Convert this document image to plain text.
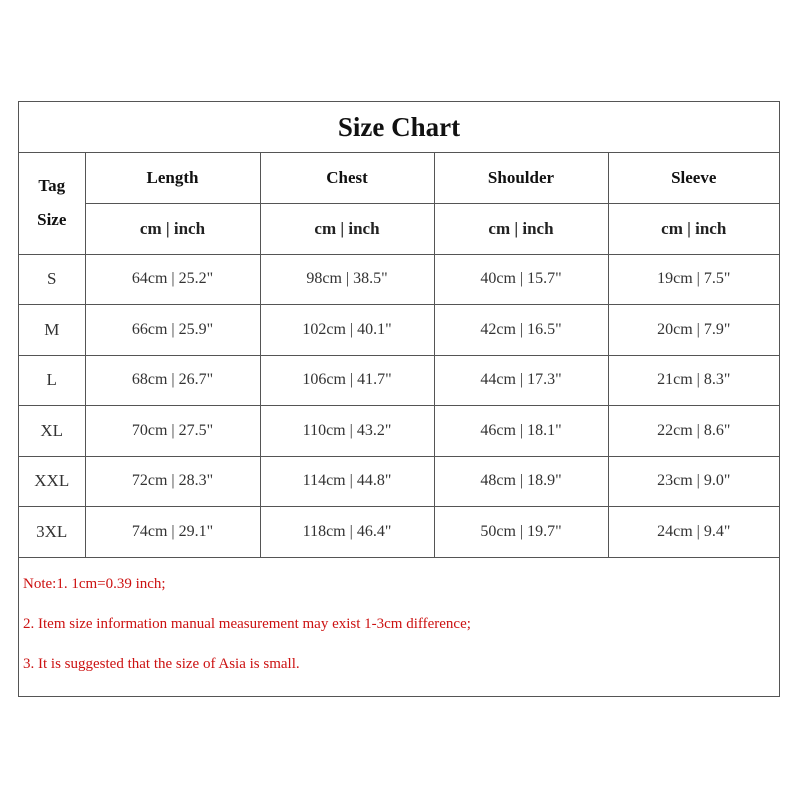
Size Chart
Tag
Size	Length	Chest	Shoulder	Sleeve
	cm | inch	cm | inch	cm | inch	cm | inch
S	64cm | 25.2"	98cm | 38.5"	40cm | 15.7"	19cm | 7.5"
M	66cm | 25.9"	102cm | 40.1"	42cm | 16.5"	20cm | 7.9"
L	68cm | 26.7"	106cm | 41.7"	44cm | 17.3"	21cm | 8.3"
XL	70cm | 27.5"	110cm | 43.2"	46cm | 18.1"	22cm | 8.6"
XXL	72cm | 28.3"	114cm | 44.8"	48cm | 18.9"	23cm | 9.0"
3XL	74cm | 29.1"	118cm | 46.4"	50cm | 19.7"	24cm | 9.4"
Note:1. 1cm=0.39 inch;
2. Item size information manual measurement may exist 1-3cm difference;
3. It is suggested that the size of Asia is small.
